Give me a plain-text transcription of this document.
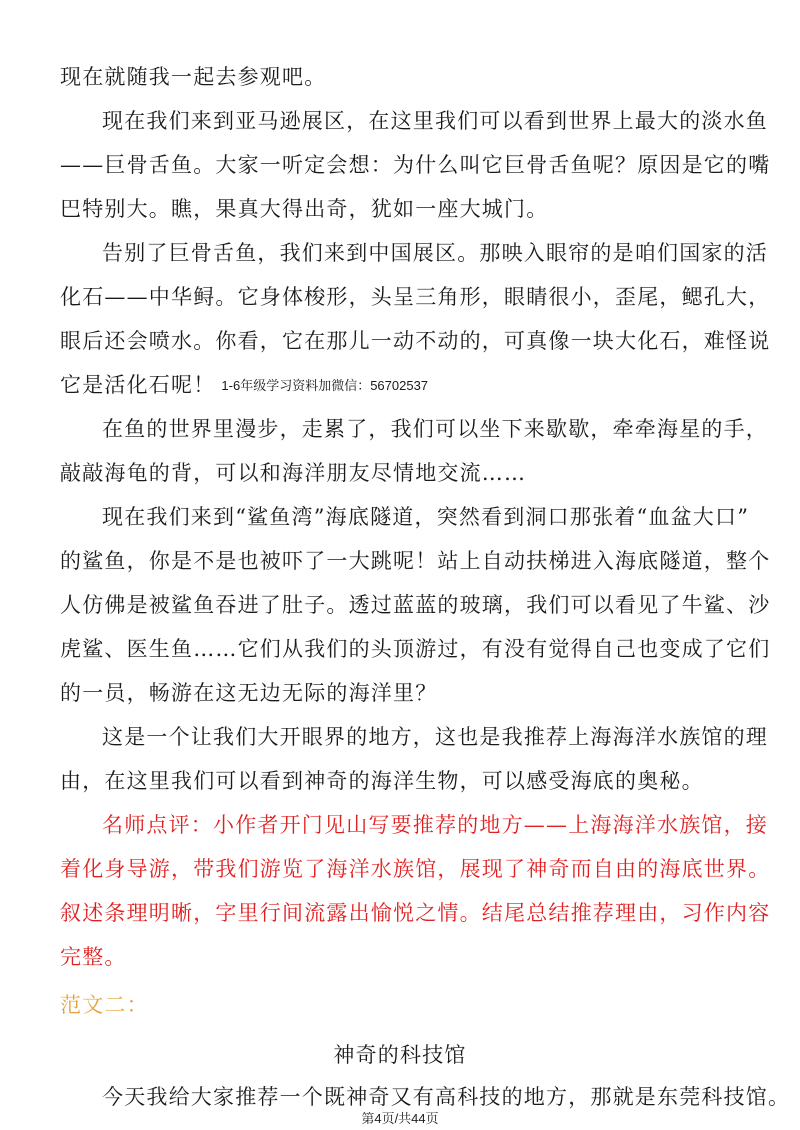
现在就随我一起去参观吧。
现在我们来到亚马逊展区，在这里我们可以看到世界上最大的淡水鱼
——巨骨舌鱼。大家一听定会想：为什么叫它巨骨舌鱼呢？原因是它的嘴
巴特别大。瞧，果真大得出奇，犹如一座大城门。
告别了巨骨舌鱼，我们来到中国展区。那映入眼帘的是咱们国家的活
化石——中华鲟。它身体梭形，头呈三角形，眼睛很小，歪尾，鳃孔大，
眼后还会喷水。你看，它在那儿一动不动的，可真像一块大化石，难怪说
它是活化石呢！ 1-6年级学习资料加微信：56702537
在鱼的世界里漫步，走累了，我们可以坐下来歇歇，牵牵海星的手，
敲敲海龟的背，可以和海洋朋友尽情地交流……
现在我们来到“鲨鱼湾”海底隧道，突然看到洞口那张着“血盆大口”
的鲨鱼，你是不是也被吓了一大跳呢！站上自动扶梯进入海底隧道，整个
人仿佛是被鲨鱼吞进了肚子。透过蓝蓝的玻璃，我们可以看见了牛鲨、沙
虎鲨、医生鱼……它们从我们的头顶游过，有没有觉得自己也变成了它们
的一员，畅游在这无边无际的海洋里？
这是一个让我们大开眼界的地方，这也是我推荐上海海洋水族馆的理
由，在这里我们可以看到神奇的海洋生物，可以感受海底的奥秘。
名师点评：小作者开门见山写要推荐的地方——上海海洋水族馆，接
着化身导游，带我们游览了海洋水族馆，展现了神奇而自由的海底世界。
叙述条理明晰，字里行间流露出愉悦之情。结尾总结推荐理由，习作内容
完整。
范文二：
神奇的科技馆
今天我给大家推荐一个既神奇又有高科技的地方，那就是东莞科技馆。
第4页/共44页
